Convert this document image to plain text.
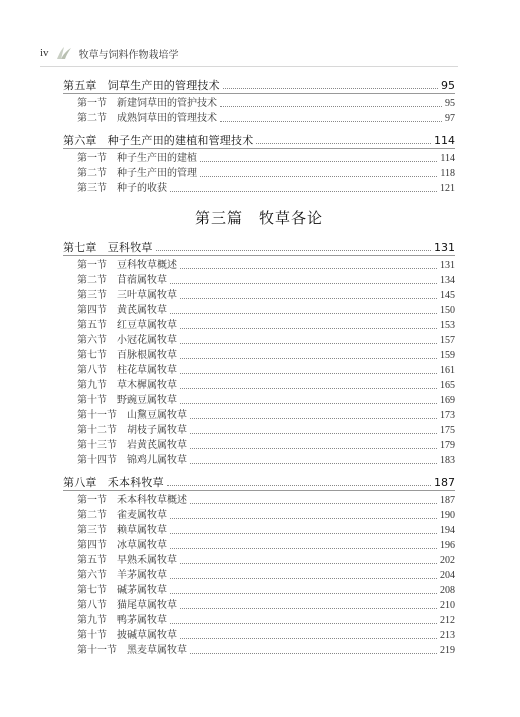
iv	牧草与饲料作物栽培学
第五章　饲草生产田的管理技术	95
第一节　新建饲草田的管护技术	95
第二节　成熟饲草田的管理技术	97
第六章　种子生产田的建植和管理技术	114
第一节　种子生产田的建植	114
第二节　种子生产田的管理	118
第三节　种子的收获	121
第三篇　牧草各论
第七章　豆科牧草	131
第一节　豆科牧草概述	131
第二节　苜蓿属牧草	134
第三节　三叶草属牧草	145
第四节　黄芪属牧草	150
第五节　红豆草属牧草	153
第六节　小冠花属牧草	157
第七节　百脉根属牧草	159
第八节　柱花草属牧草	161
第九节　草木樨属牧草	165
第十节　野豌豆属牧草	169
第十一节　山黧豆属牧草	173
第十二节　胡枝子属牧草	175
第十三节　岩黄芪属牧草	179
第十四节　锦鸡儿属牧草	183
第八章　禾本科牧草	187
第一节　禾本科牧草概述	187
第二节　雀麦属牧草	190
第三节　赖草属牧草	194
第四节　冰草属牧草	196
第五节　早熟禾属牧草	202
第六节　羊茅属牧草	204
第七节　碱茅属牧草	208
第八节　猫尾草属牧草	210
第九节　鸭茅属牧草	212
第十节　披碱草属牧草	213
第十一节　黑麦草属牧草	219
